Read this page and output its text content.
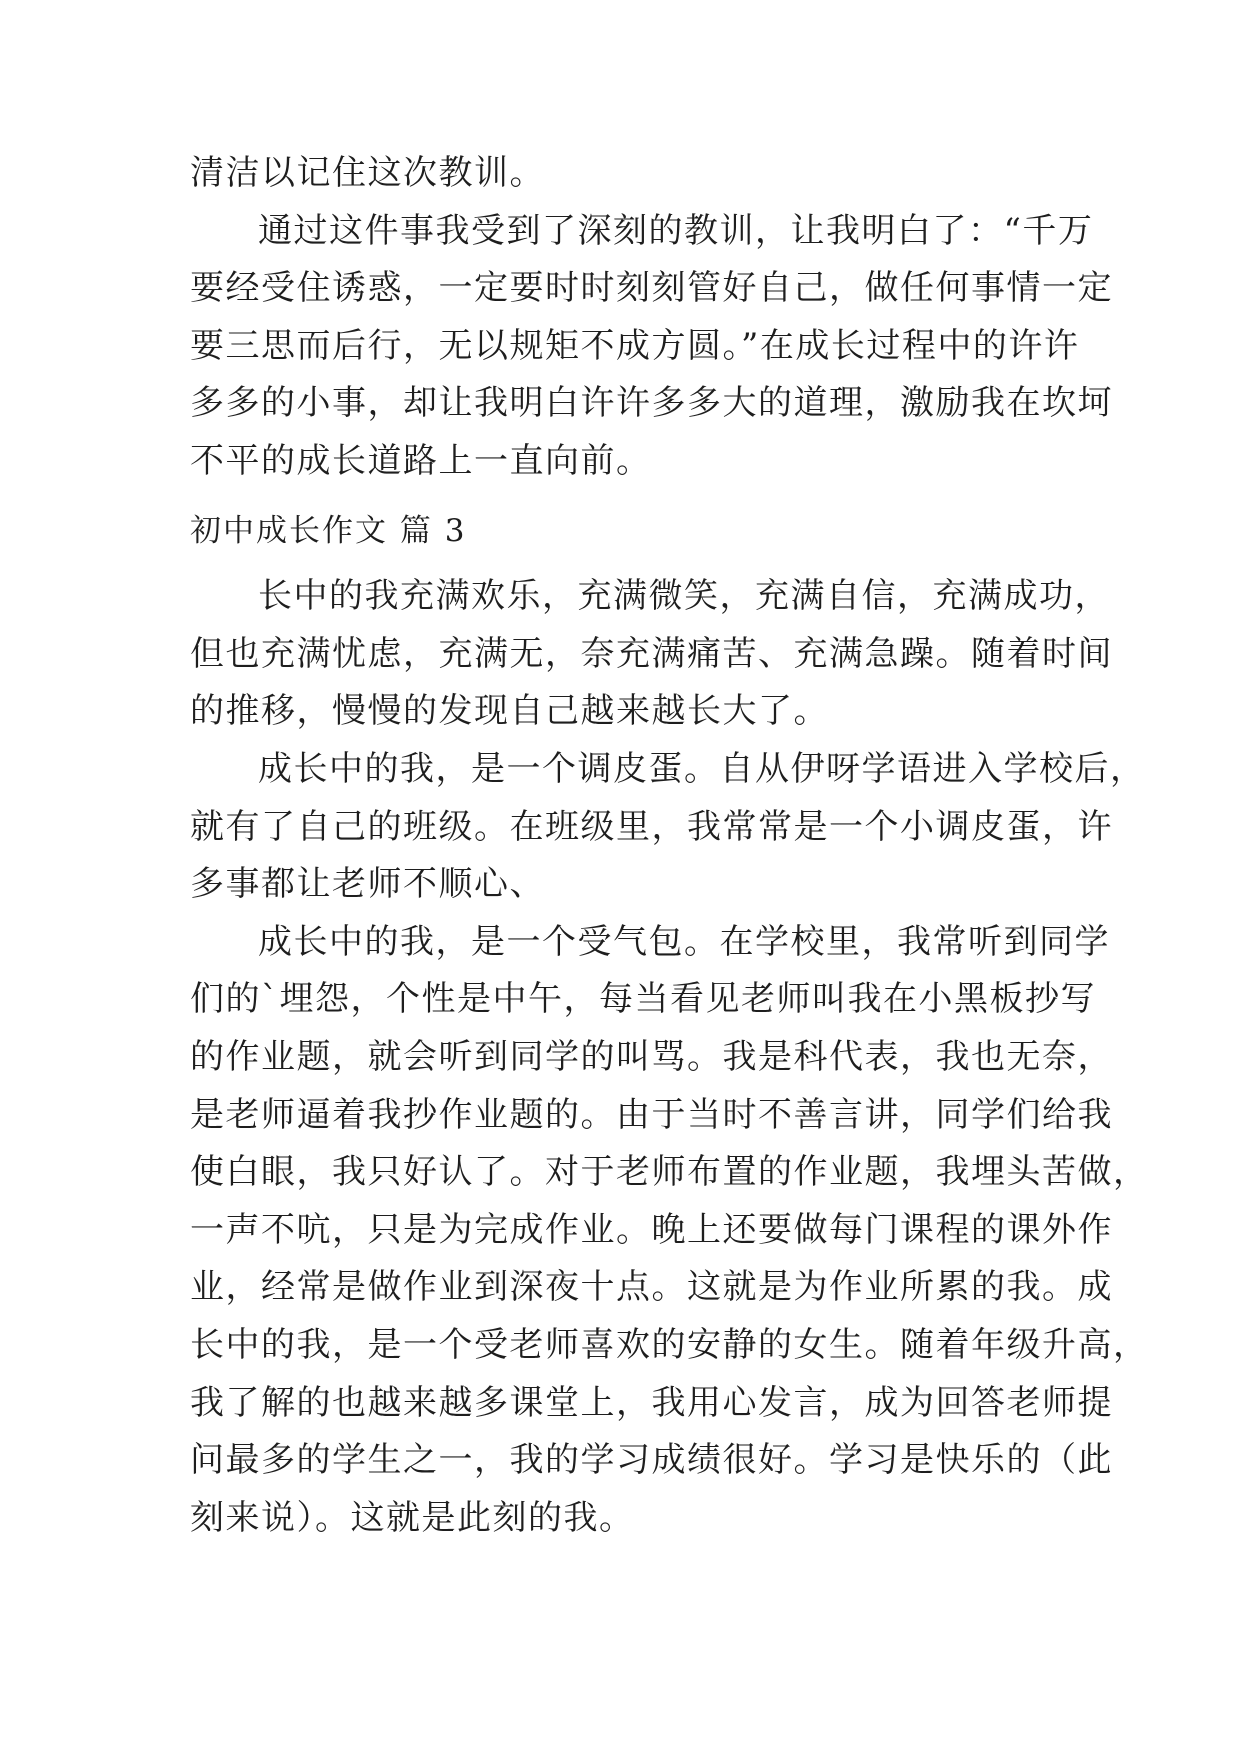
清洁以记住这次教训。
通过这件事我受到了深刻的教训，让我明白了：“千万
要经受住诱惑，一定要时时刻刻管好自己，做任何事情一定
要三思而后行，无以规矩不成方圆。”在成长过程中的许许
多多的小事，却让我明白许许多多大的道理，激励我在坎坷
不平的成长道路上一直向前。
初中成长作文 篇 3
长中的我充满欢乐，充满微笑，充满自信，充满成功，
但也充满忧虑，充满无，奈充满痛苦、充满急躁。随着时间
的推移，慢慢的发现自己越来越长大了。
成长中的我，是一个调皮蛋。自从伊呀学语进入学校后，
就有了自己的班级。在班级里，我常常是一个小调皮蛋，许
多事都让老师不顺心、
成长中的我，是一个受气包。在学校里，我常听到同学
们的`埋怨，个性是中午，每当看见老师叫我在小黑板抄写
的作业题，就会听到同学的叫骂。我是科代表，我也无奈，
是老师逼着我抄作业题的。由于当时不善言讲，同学们给我
使白眼，我只好认了。对于老师布置的作业题，我埋头苦做，
一声不吭，只是为完成作业。晚上还要做每门课程的课外作
业，经常是做作业到深夜十点。这就是为作业所累的我。成
长中的我，是一个受老师喜欢的安静的女生。随着年级升高，
我了解的也越来越多课堂上，我用心发言，成为回答老师提
问最多的学生之一，我的学习成绩很好。学习是快乐的（此
刻来说）。这就是此刻的我。
